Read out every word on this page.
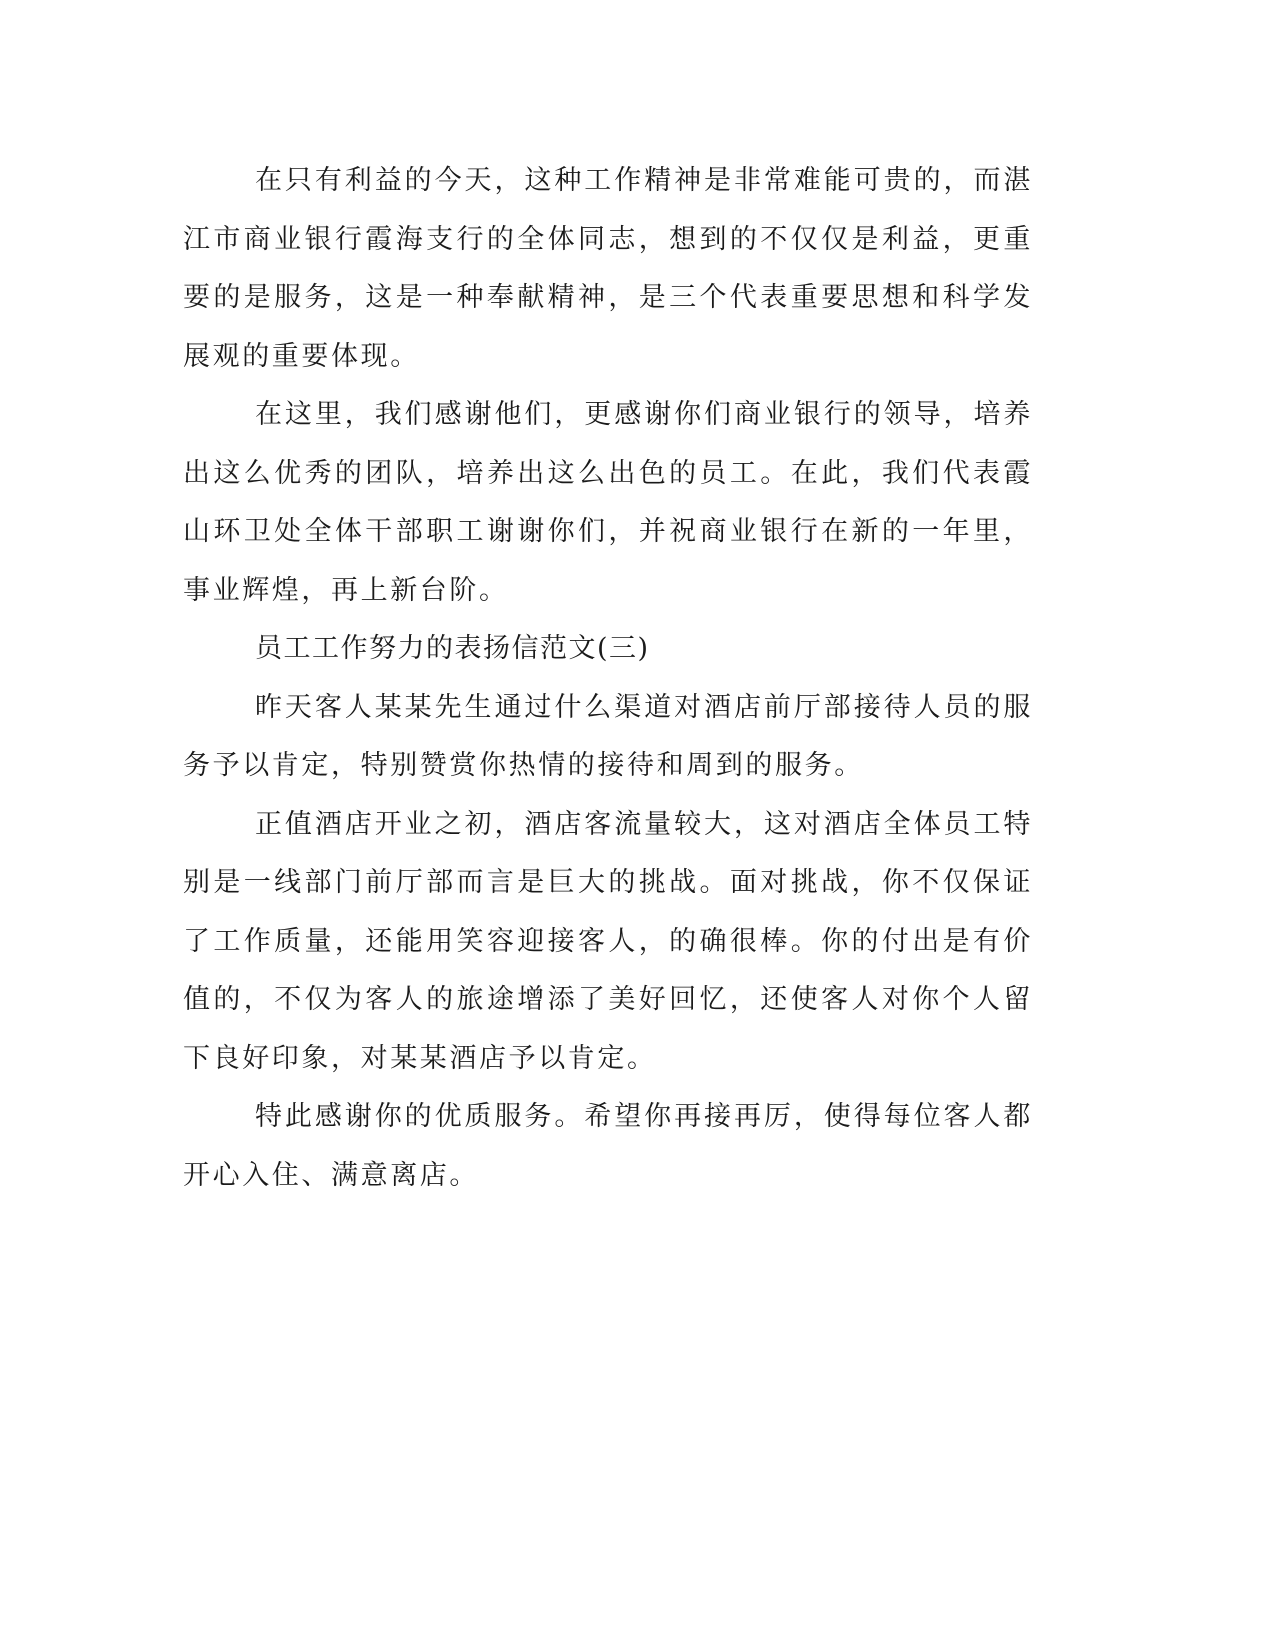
在只有利益的今天，这种工作精神是非常难能可贵的，而湛江市商业银行霞海支行的全体同志，想到的不仅仅是利益，更重要的是服务，这是一种奉献精神，是三个代表重要思想和科学发展观的重要体现。

在这里，我们感谢他们，更感谢你们商业银行的领导，培养出这么优秀的团队，培养出这么出色的员工。在此，我们代表霞山环卫处全体干部职工谢谢你们，并祝商业银行在新的一年里，事业辉煌，再上新台阶。

员工工作努力的表扬信范文(三)

昨天客人某某先生通过什么渠道对酒店前厅部接待人员的服务予以肯定，特别赞赏你热情的接待和周到的服务。

正值酒店开业之初，酒店客流量较大，这对酒店全体员工特别是一线部门前厅部而言是巨大的挑战。面对挑战，你不仅保证了工作质量，还能用笑容迎接客人，的确很棒。你的付出是有价值的，不仅为客人的旅途增添了美好回忆，还使客人对你个人留下良好印象，对某某酒店予以肯定。

特此感谢你的优质服务。希望你再接再厉，使得每位客人都开心入住、满意离店。
